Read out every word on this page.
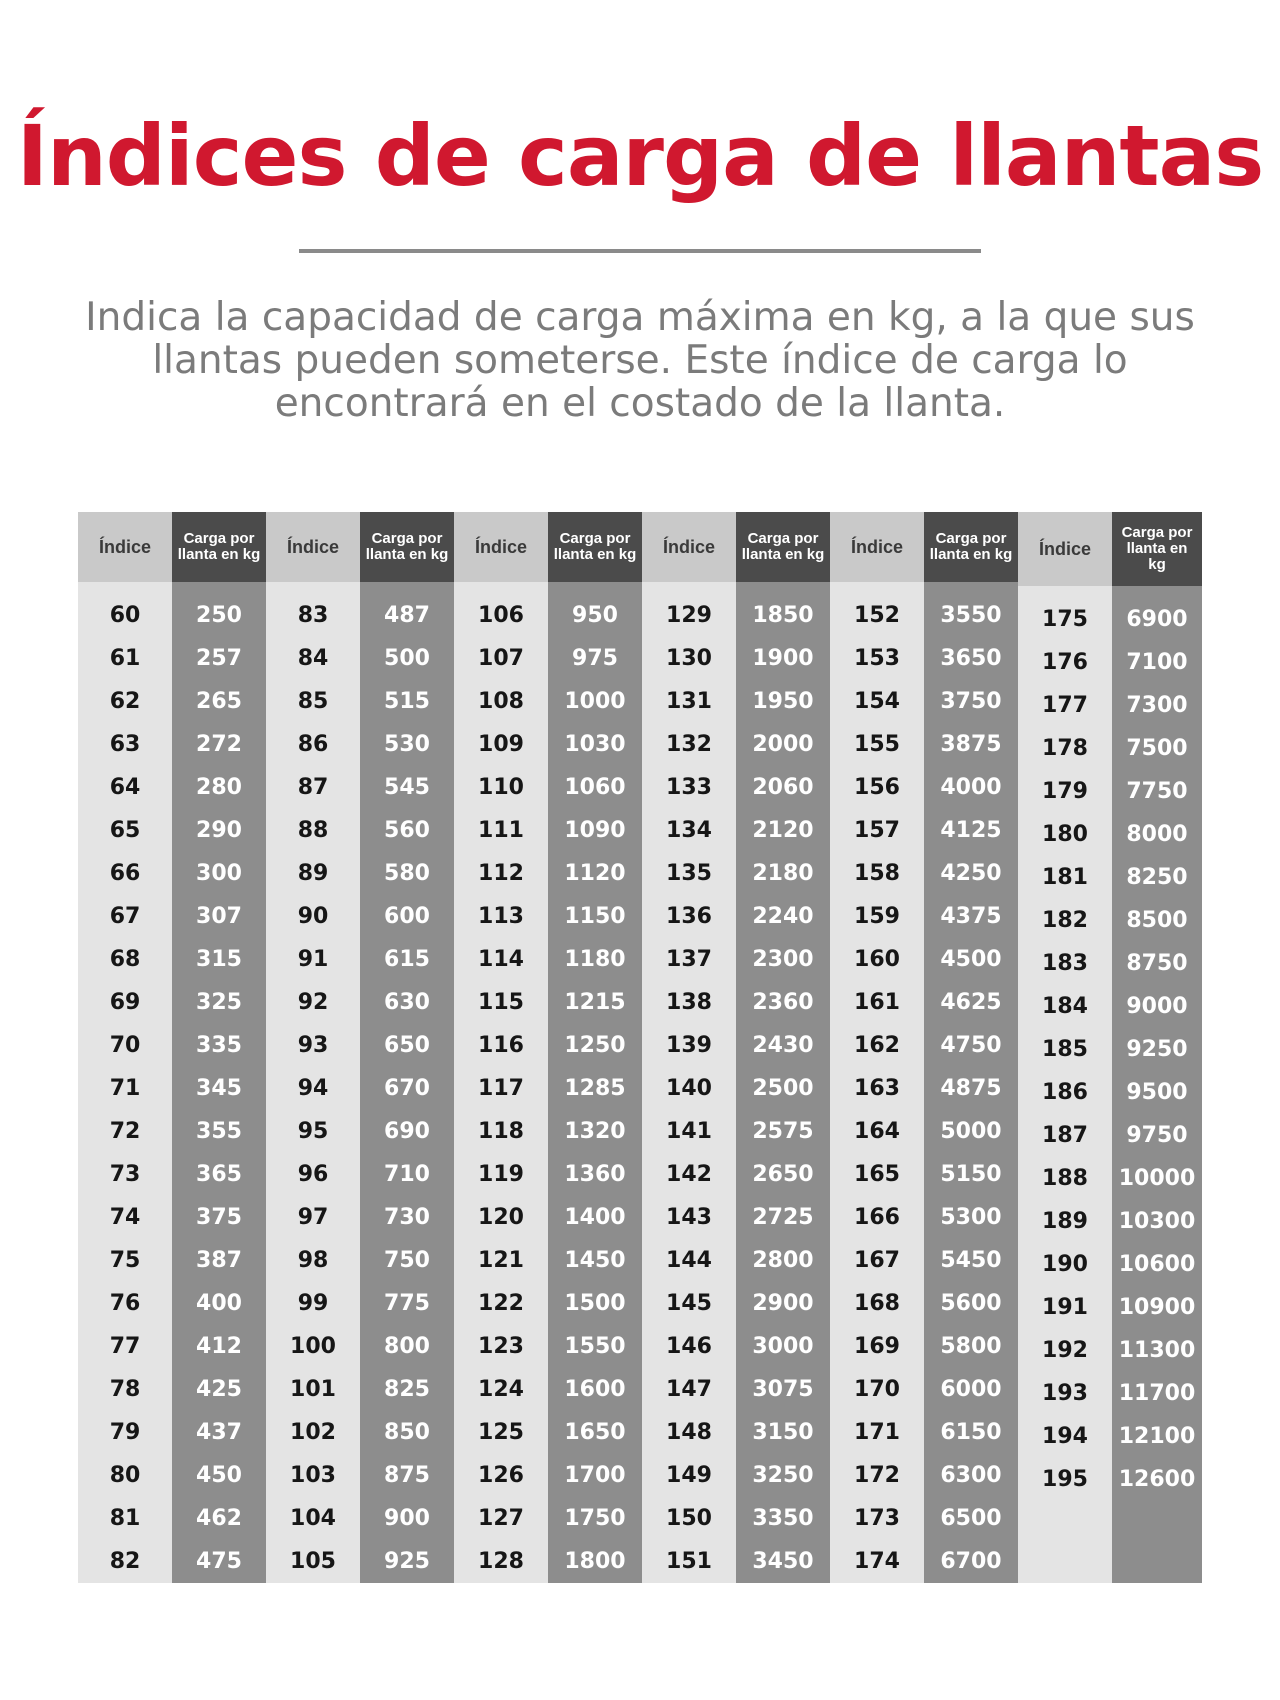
Índices de carga de llantas
Indica la capacidad de carga máxima en kg, a la que sus llantas pueden someterse. Este índice de carga lo encontrará en el costado de la llanta.
Índice
60
61
62
63
64
65
66
67
68
69
70
71
72
73
74
75
76
77
78
79
80
81
82
Carga por llanta en kg
250
257
265
272
280
290
300
307
315
325
335
345
355
365
375
387
400
412
425
437
450
462
475
Índice
83
84
85
86
87
88
89
90
91
92
93
94
95
96
97
98
99
100
101
102
103
104
105
Carga por llanta en kg
487
500
515
530
545
560
580
600
615
630
650
670
690
710
730
750
775
800
825
850
875
900
925
Índice
106
107
108
109
110
111
112
113
114
115
116
117
118
119
120
121
122
123
124
125
126
127
128
Carga por llanta en kg
950
975
1000
1030
1060
1090
1120
1150
1180
1215
1250
1285
1320
1360
1400
1450
1500
1550
1600
1650
1700
1750
1800
Índice
129
130
131
132
133
134
135
136
137
138
139
140
141
142
143
144
145
146
147
148
149
150
151
Carga por llanta en kg
1850
1900
1950
2000
2060
2120
2180
2240
2300
2360
2430
2500
2575
2650
2725
2800
2900
3000
3075
3150
3250
3350
3450
Índice
152
153
154
155
156
157
158
159
160
161
162
163
164
165
166
167
168
169
170
171
172
173
174
Carga por llanta en kg
3550
3650
3750
3875
4000
4125
4250
4375
4500
4625
4750
4875
5000
5150
5300
5450
5600
5800
6000
6150
6300
6500
6700
Índice
175
176
177
178
179
180
181
182
183
184
185
186
187
188
189
190
191
192
193
194
195
Carga por llanta en kg
6900
7100
7300
7500
7750
8000
8250
8500
8750
9000
9250
9500
9750
10000
10300
10600
10900
11300
11700
12100
12600
